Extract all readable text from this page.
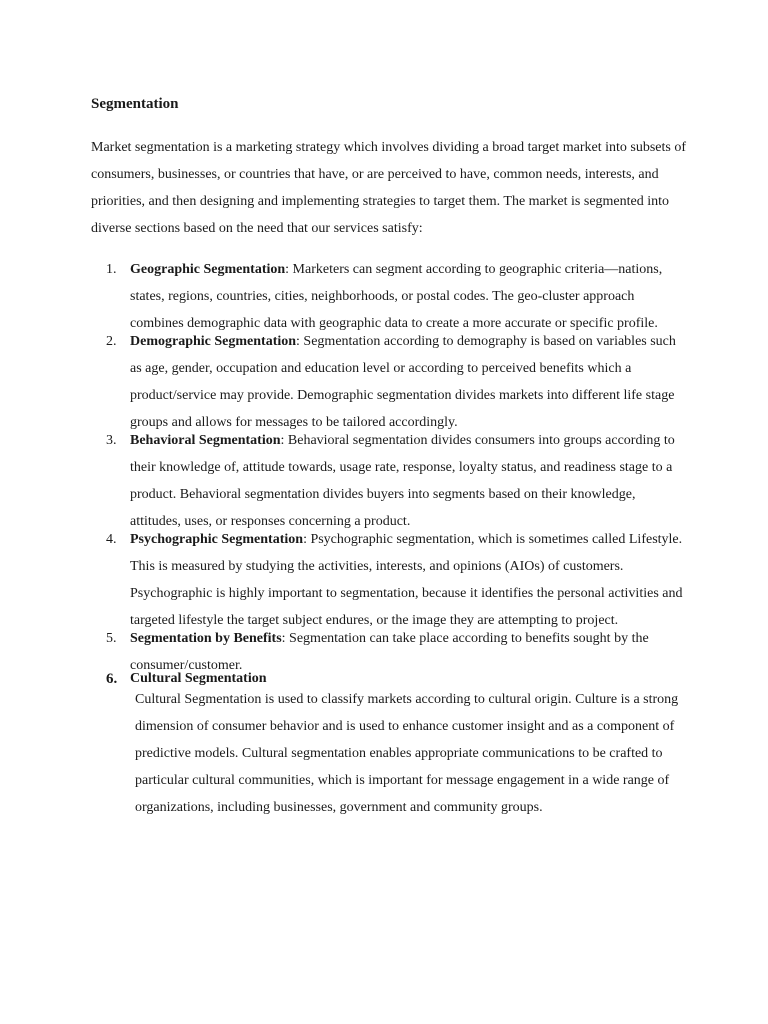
Segmentation

Market segmentation is a marketing strategy which involves dividing a broad target market into subsets of consumers, businesses, or countries that have, or are perceived to have, common needs, interests, and priorities, and then designing and implementing strategies to target them. The market is segmented into diverse sections based on the need that our services satisfy:

1. Geographic Segmentation: Marketers can segment according to geographic criteria—nations, states, regions, countries, cities, neighborhoods, or postal codes. The geo-cluster approach combines demographic data with geographic data to create a more accurate or specific profile.
2. Demographic Segmentation: Segmentation according to demography is based on variables such as age, gender, occupation and education level or according to perceived benefits which a product/service may provide. Demographic segmentation divides markets into different life stage groups and allows for messages to be tailored accordingly.
3. Behavioral Segmentation: Behavioral segmentation divides consumers into groups according to their knowledge of, attitude towards, usage rate, response, loyalty status, and readiness stage to a product. Behavioral segmentation divides buyers into segments based on their knowledge, attitudes, uses, or responses concerning a product.
4. Psychographic Segmentation: Psychographic segmentation, which is sometimes called Lifestyle. This is measured by studying the activities, interests, and opinions (AIOs) of customers. Psychographic is highly important to segmentation, because it identifies the personal activities and targeted lifestyle the target subject endures, or the image they are attempting to project.
5. Segmentation by Benefits: Segmentation can take place according to benefits sought by the consumer/customer.
6. Cultural Segmentation
Cultural Segmentation is used to classify markets according to cultural origin. Culture is a strong dimension of consumer behavior and is used to enhance customer insight and as a component of predictive models. Cultural segmentation enables appropriate communications to be crafted to particular cultural communities, which is important for message engagement in a wide range of organizations, including businesses, government and community groups.
